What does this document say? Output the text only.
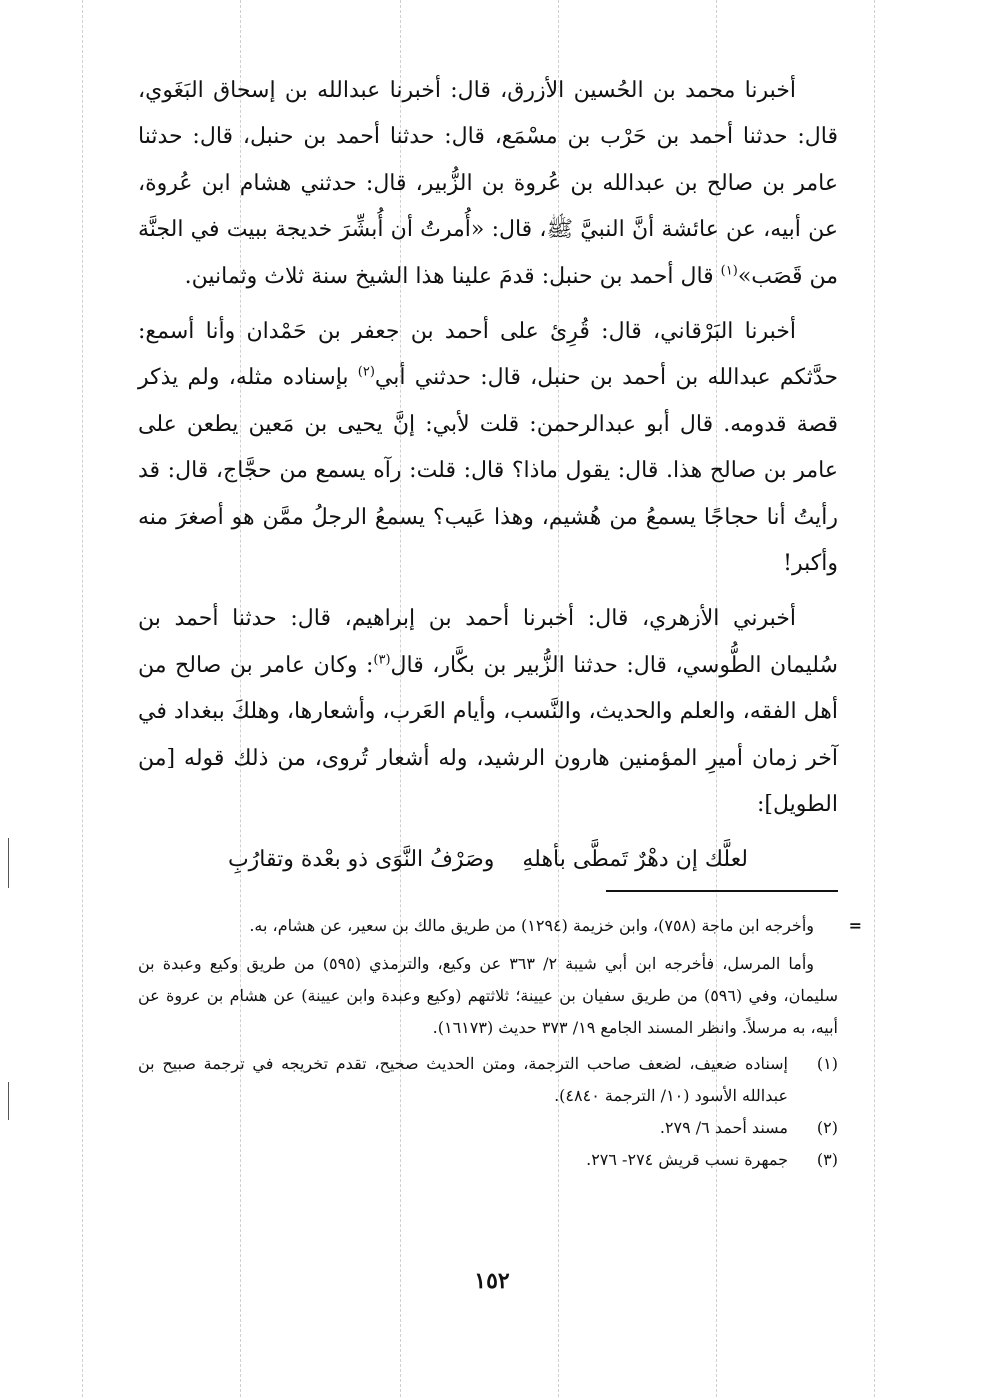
أخبرنا محمد بن الحُسين الأزرق، قال: أخبرنا عبدالله بن إسحاق البَغَوي، قال: حدثنا أحمد بن حَرْب بن مسْمَع، قال: حدثنا أحمد بن حنبل، قال: حدثنا عامر بن صالح بن عبدالله بن عُروة بن الزُّبير، قال: حدثني هشام ابن عُروة، عن أبيه، عن عائشة أنَّ النبيَّ ﷺ، قال: «أُمرتُ أن أُبشِّرَ خديجة ببيت في الجنَّة من قَصَب»$^{(١)}$ قال أحمد بن حنبل: قدمَ علينا هذا الشيخ سنة ثلاث وثمانين.

أخبرنا البَرْقاني، قال: قُرِئ على أحمد بن جعفر بن حَمْدان وأنا أسمع: حدَّثكم عبدالله بن أحمد بن حنبل، قال: حدثني أبي$^{(٢)}$ بإسناده مثله، ولم يذكر قصة قدومه. قال أبو عبدالرحمن: قلت لأبي: إنَّ يحيى بن مَعين يطعن على عامر بن صالح هذا. قال: يقول ماذا؟ قال: قلت: رآه يسمع من حجَّاج، قال: قد رأيتُ أنا حجاجًا يسمعُ من هُشيم، وهذا عَيب؟ يسمعُ الرجلُ ممَّن هو أصغرَ منه وأكبر!

أخبرني الأزهري، قال: أخبرنا أحمد بن إبراهيم، قال: حدثنا أحمد بن سُليمان الطُّوسي، قال: حدثنا الزُّبير بن بكَّار، قال$^{(٣)}$: وكان عامر بن صالح من أهل الفقه، والعلم والحديث، والنَّسب، وأيام العَرب، وأشعارها، وهلكَ ببغداد في آخر زمان أميرِ المؤمنين هارون الرشيد، وله أشعار تُروى، من ذلك قوله [من الطويل]:

لعلَّك إن دهْرٌ تَمطَّى بأهلهِ    وصَرْفُ النَّوَى ذو بعْدة وتقارُبِ

=
وأخرجه ابن ماجة (٧٥٨)، وابن خزيمة (١٢٩٤) من طريق مالك بن سعير، عن هشام، به.

وأما المرسل، فأخرجه ابن أبي شيبة ٢/ ٣٦٣ عن وكيع، والترمذي (٥٩٥) من طريق وكيع وعبدة بن سليمان، وفي (٥٩٦) من طريق سفيان بن عيينة؛ ثلاثتهم (وكيع وعبدة وابن عيينة) عن هشام بن عروة عن أبيه، به مرسلاً. وانظر المسند الجامع ١٩/ ٣٧٣ حديث (١٦١٧٣).

(١)
إسناده ضعيف، لضعف صاحب الترجمة، ومتن الحديث صحيح، تقدم تخريجه في ترجمة صبيح بن عبدالله الأسود (١٠/ الترجمة ٤٨٤٠).
(٢)
مسند أحمد ٦/ ٢٧٩.
(٣)
جمهرة نسب قريش ٢٧٤- ٢٧٦.
١٥٢
